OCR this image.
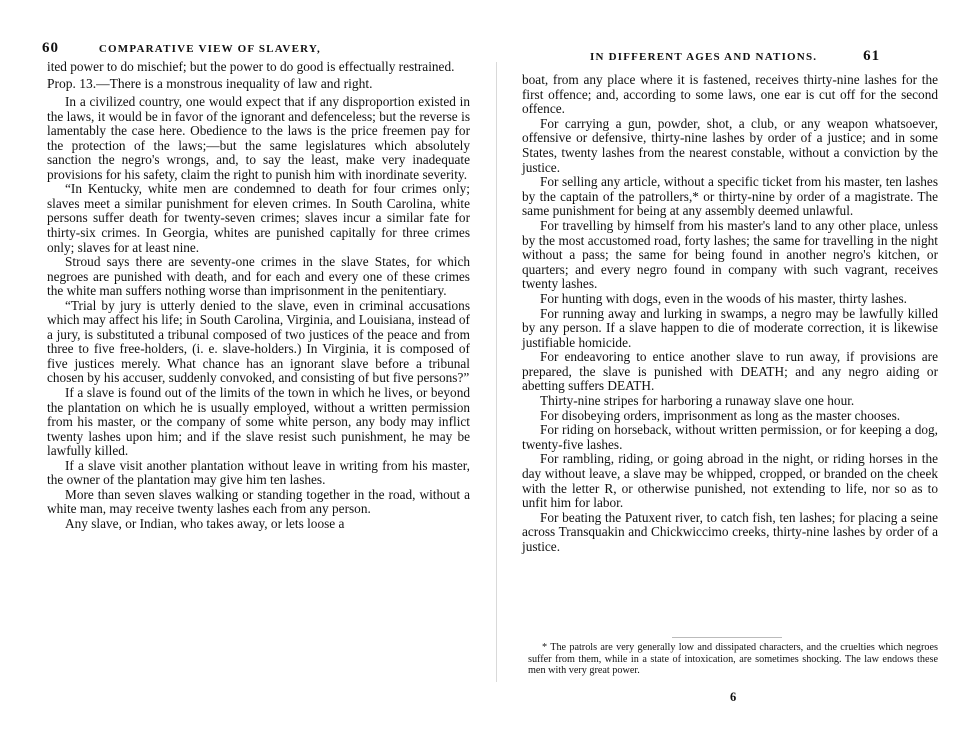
60	COMPARATIVE VIEW OF SLAVERY,

ited power to do mischief; but the power to do good is effectually restrained.

Prop. 13.—There is a monstrous inequality of law and right.

In a civilized country, one would expect that if any disproportion existed in the laws, it would be in favor of the ignorant and defenceless; but the reverse is lamentably the case here. Obedience to the laws is the price freemen pay for the protection of the laws;—but the same legislatures which absolutely sanction the negro's wrongs, and, to say the least, make very inadequate provisions for his safety, claim the right to punish him with inordinate severity.

“In Kentucky, white men are condemned to death for four crimes only; slaves meet a similar punishment for eleven crimes. In South Carolina, white persons suffer death for twenty-seven crimes; slaves incur a similar fate for thirty-six crimes. In Georgia, whites are punished capitally for three crimes only; slaves for at least nine.

Stroud says there are seventy-one crimes in the slave States, for which negroes are punished with death, and for each and every one of these crimes the white man suffers nothing worse than imprisonment in the penitentiary.

“Trial by jury is utterly denied to the slave, even in criminal accusations which may affect his life; in South Carolina, Virginia, and Louisiana, instead of a jury, is substituted a tribunal composed of two justices of the peace and from three to five free-holders, (i. e. slave-holders.) In Virginia, it is composed of five justices merely. What chance has an ignorant slave before a tribunal chosen by his accuser, suddenly convoked, and consisting of but five persons?”

If a slave is found out of the limits of the town in which he lives, or beyond the plantation on which he is usually employed, without a written permission from his master, or the company of some white person, any body may inflict twenty lashes upon him; and if the slave resist such punishment, he may be lawfully killed.

If a slave visit another plantation without leave in writing from his master, the owner of the plantation may give him ten lashes.

More than seven slaves walking or standing together in the road, without a white man, may receive twenty lashes each from any person.

Any slave, or Indian, who takes away, or lets loose a

IN DIFFERENT AGES AND NATIONS.	61

boat, from any place where it is fastened, receives thirty-nine lashes for the first offence; and, according to some laws, one ear is cut off for the second offence.

For carrying a gun, powder, shot, a club, or any weapon whatsoever, offensive or defensive, thirty-nine lashes by order of a justice; and in some States, twenty lashes from the nearest constable, without a conviction by the justice.

For selling any article, without a specific ticket from his master, ten lashes by the captain of the patrollers,* or thirty-nine by order of a magistrate. The same punishment for being at any assembly deemed unlawful.

For travelling by himself from his master's land to any other place, unless by the most accustomed road, forty lashes; the same for travelling in the night without a pass; the same for being found in another negro's kitchen, or quarters; and every negro found in company with such vagrant, receives twenty lashes.

For hunting with dogs, even in the woods of his master, thirty lashes.

For running away and lurking in swamps, a negro may be lawfully killed by any person. If a slave happen to die of moderate correction, it is likewise justifiable homicide.

For endeavoring to entice another slave to run away, if provisions are prepared, the slave is punished with DEATH; and any negro aiding or abetting suffers DEATH.

Thirty-nine stripes for harboring a runaway slave one hour.

For disobeying orders, imprisonment as long as the master chooses.

For riding on horseback, without written permission, or for keeping a dog, twenty-five lashes.

For rambling, riding, or going abroad in the night, or riding horses in the day without leave, a slave may be whipped, cropped, or branded on the cheek with the letter R, or otherwise punished, not extending to life, nor so as to unfit him for labor.

For beating the Patuxent river, to catch fish, ten lashes; for placing a seine across Transquakin and Chickwiccimo creeks, thirty-nine lashes by order of a justice.

* The patrols are very generally low and dissipated characters, and the cruelties which negroes suffer from them, while in a state of intoxication, are sometimes shocking. The law endows these men with very great power.

6
